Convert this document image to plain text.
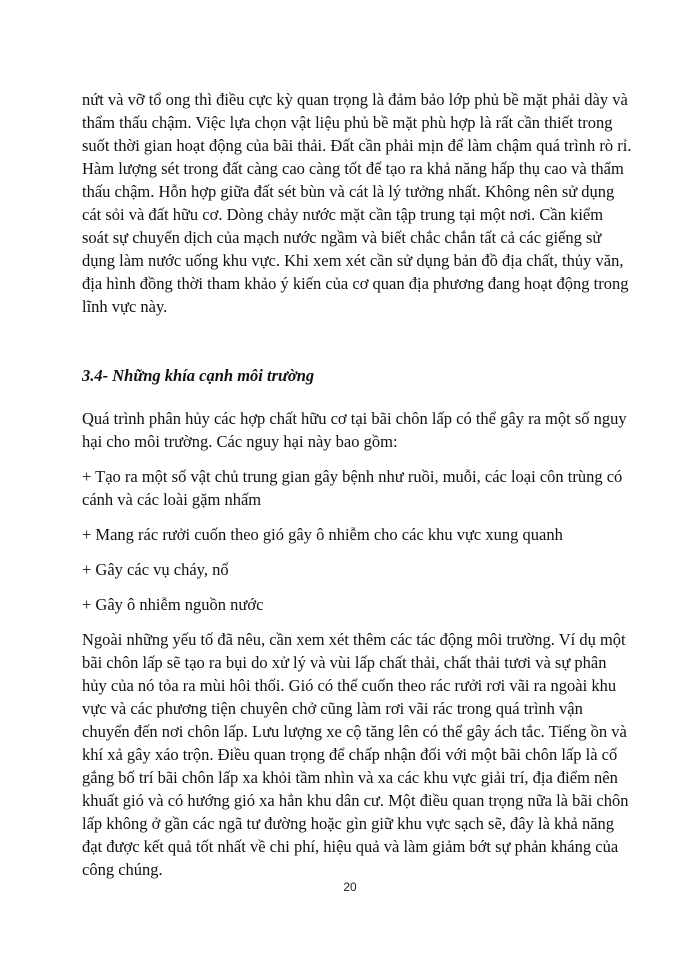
nứt và vỡ tổ ong thì điều cực kỳ quan trọng là đảm bảo lớp phủ bề mặt phải dày và

thẩm thấu chậm. Việc lựa chọn vật liệu phủ bề mặt phù hợp là rất cần thiết trong

suốt thời gian hoạt động của bãi thải. Đất cần phải mịn để làm chậm quá trình rò rỉ.

Hàm lượng sét trong đất càng cao càng tốt để tạo ra khả năng hấp thụ cao và thẩm

thấu chậm. Hỗn hợp giữa đất sét bùn và cát là lý tưởng nhất. Không nên sử dụng

cát sỏi và đất hữu cơ. Dòng chảy nước mặt cần tập trung tại một nơi. Cần kiểm

soát sự chuyển dịch của mạch nước ngầm và biết chắc chắn tất cả các giếng sử

dụng làm nước uống khu vực. Khi xem xét cần sử dụng bản đồ địa chất, thủy văn,

địa hình đồng thời tham khảo ý kiến của cơ quan địa phương đang hoạt động trong

lĩnh vực này.

3.4- Những khía cạnh môi trường

Quá trình phân hủy các hợp chất hữu cơ tại bãi chôn lấp có thể gây ra một số nguy

hại cho môi trường. Các nguy hại này bao gồm:

+ Tạo ra một số vật chủ trung gian gây bệnh như ruồi, muỗi, các loại côn trùng có

cánh và các loài gặm nhấm

+ Mang rác rưởi cuốn theo gió gây ô nhiễm cho các khu vực xung quanh

+ Gây các vụ cháy, nổ

+ Gây ô nhiễm nguồn nước

Ngoài những yếu tố đã nêu, cần xem xét thêm các tác động môi trường. Ví dụ một

bãi chôn lấp sẽ tạo ra bụi do xử lý và vùi lấp chất thải, chất thải tươi và sự phân

hủy của nó tỏa ra mùi hôi thối. Gió có thể cuốn theo rác rưởi rơi vãi ra ngoài khu

vực và các phương tiện chuyên chở cũng làm rơi vãi rác trong quá trình vận

chuyển đến nơi chôn lấp. Lưu lượng xe cộ tăng lên có thể gây ách tắc. Tiếng ồn và

khí xả gây xáo trộn. Điều quan trọng để chấp nhận đối với một bãi chôn lấp là cố

gắng bố trí bãi chôn lấp xa khỏi tầm nhìn và xa các khu vực giải trí, địa điểm nên

khuất gió và có hướng gió xa hẳn khu dân cư. Một điều quan trọng nữa là bãi chôn

lấp không ở gần các ngã tư đường hoặc gìn giữ khu vực sạch sẽ, đây là khả năng

đạt được kết quả tốt nhất về chi phí, hiệu quả và làm giảm bớt sự phản kháng của

công chúng.

20
